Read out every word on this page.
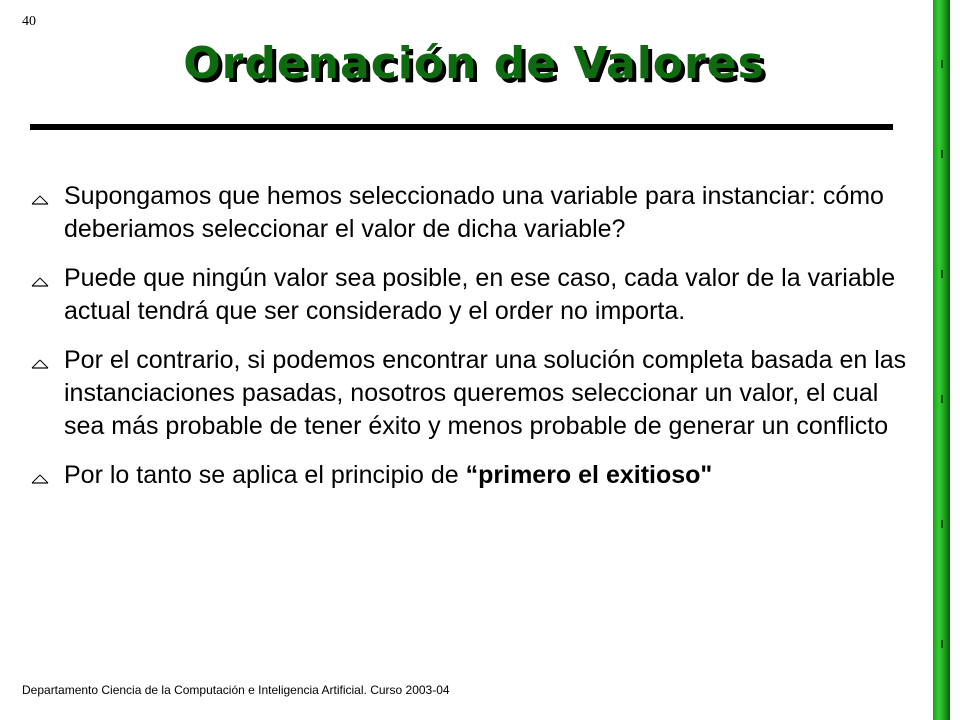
40
Ordenación de Valores
Supongamos que hemos seleccionado una variable para instanciar: cómo deberiamos seleccionar el valor de dicha variable?
Puede que ningún valor sea posible, en ese caso, cada valor de la variable actual tendrá que ser considerado y el order no importa.
Por el contrario, si podemos encontrar una solución completa basada en las instanciaciones pasadas, nosotros queremos seleccionar un valor, el cual sea más probable de tener éxito y menos probable de generar un conflicto
Por lo tanto se aplica el principio de “primero el exitioso"
Departamento Ciencia de la Computación e Inteligencia Artificial. Curso 2003-04
